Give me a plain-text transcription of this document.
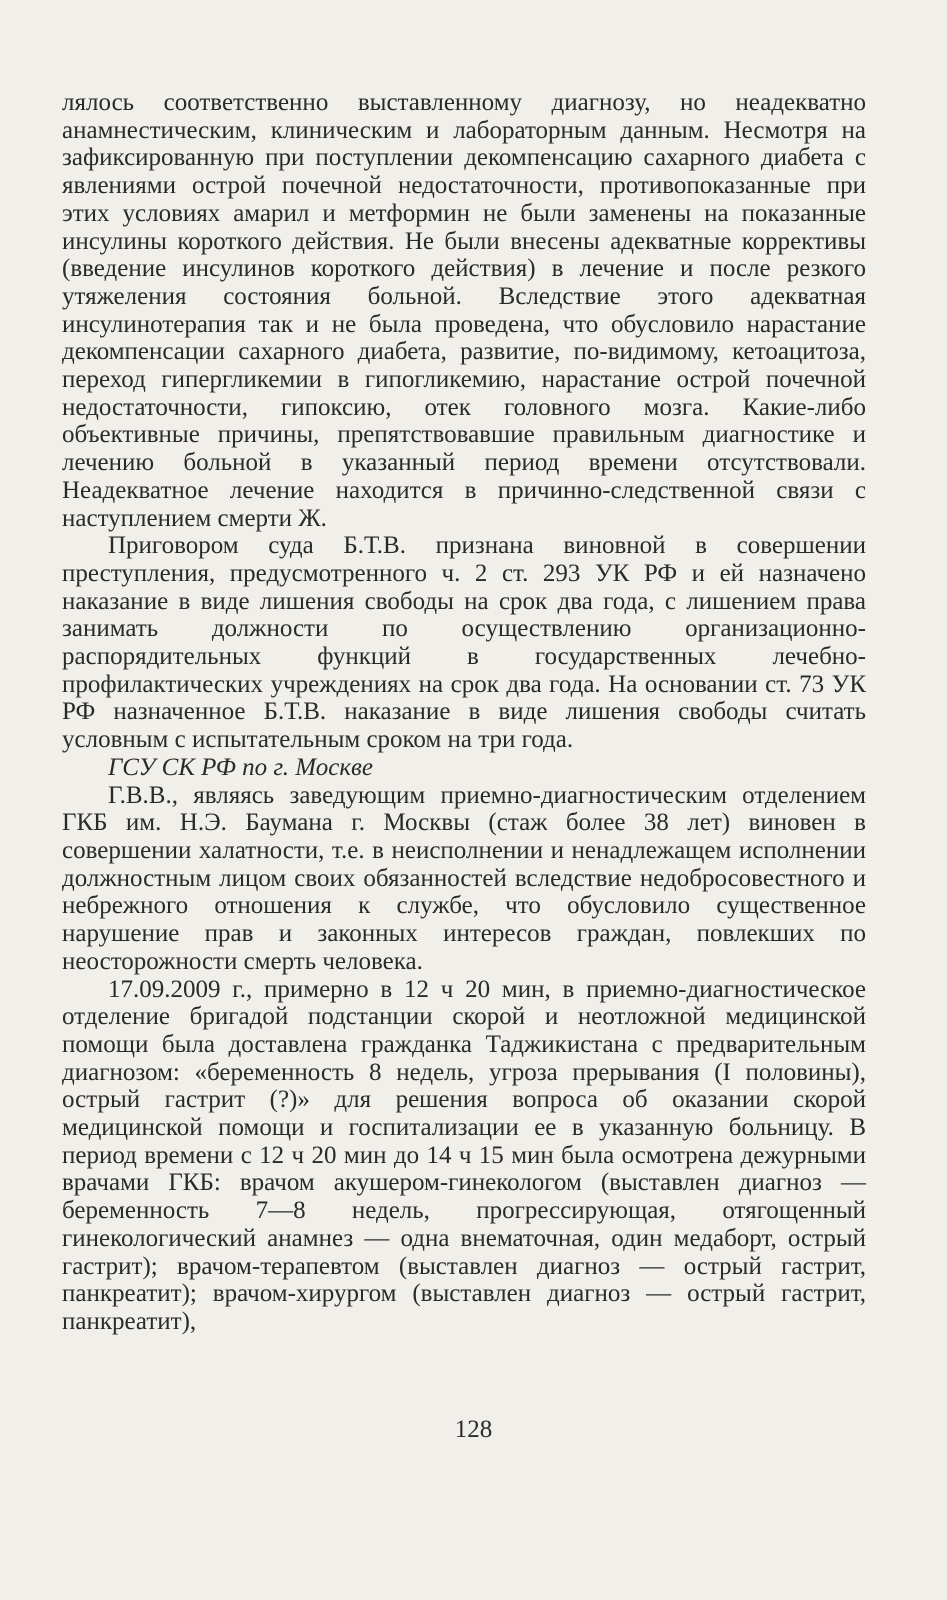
лялось соответственно выставленному диагнозу, но неадекватно анамнестическим, клиническим и лабораторным данным. Несмотря на зафиксированную при поступлении декомпенсацию сахарного диабета с явлениями острой почечной недостаточности, противопоказанные при этих условиях амарил и метформин не были заменены на показанные инсулины короткого действия. Не были внесены адекватные коррективы (введение инсулинов короткого действия) в лечение и после резкого утяжеления состояния больной. Вследствие этого адекватная инсулинотерапия так и не была проведена, что обусловило нарастание декомпенсации сахарного диабета, развитие, по-видимому, кетоацитоза, переход гипергликемии в гипогликемию, нарастание острой почечной недостаточности, гипоксию, отек головного мозга. Какие-либо объективные причины, препятствовавшие правильным диагностике и лечению больной в указанный период времени отсутствовали. Неадекватное лечение находится в причинно-следственной связи с наступлением смерти Ж.

Приговором суда Б.Т.В. признана виновной в совершении преступления, предусмотренного ч. 2 ст. 293 УК РФ и ей назначено наказание в виде лишения свободы на срок два года, с лишением права занимать должности по осуществлению организационно-распорядительных функций в государственных лечебно-профилактических учреждениях на срок два года. На основании ст. 73 УК РФ назначенное Б.Т.В. наказание в виде лишения свободы считать условным с испытательным сроком на три года.

ГСУ СК РФ по г. Москве

Г.В.В., являясь заведующим приемно-диагностическим отделением ГКБ им. Н.Э. Баумана г. Москвы (стаж более 38 лет) виновен в совершении халатности, т.е. в неисполнении и ненадлежащем исполнении должностным лицом своих обязанностей вследствие недобросовестного и небрежного отношения к службе, что обусловило существенное нарушение прав и законных интересов граждан, повлекших по неосторожности смерть человека.

17.09.2009 г., примерно в 12 ч 20 мин, в приемно-диагностическое отделение бригадой подстанции скорой и неотложной медицинской помощи была доставлена гражданка Таджикистана с предварительным диагнозом: «беременность 8 недель, угроза прерывания (I половины), острый гастрит (?)» для решения вопроса об оказании скорой медицинской помощи и госпитализации ее в указанную больницу. В период времени с 12 ч 20 мин до 14 ч 15 мин была осмотрена дежурными врачами ГКБ: врачом акушером-гинекологом (выставлен диагноз — беременность 7—8 недель, прогрессирующая, отягощенный гинекологический анамнез — одна внематочная, один медаборт, острый гастрит); врачом-терапевтом (выставлен диагноз — острый гастрит, панкреатит); врачом-хирургом (выставлен диагноз — острый гастрит, панкреатит),

128
